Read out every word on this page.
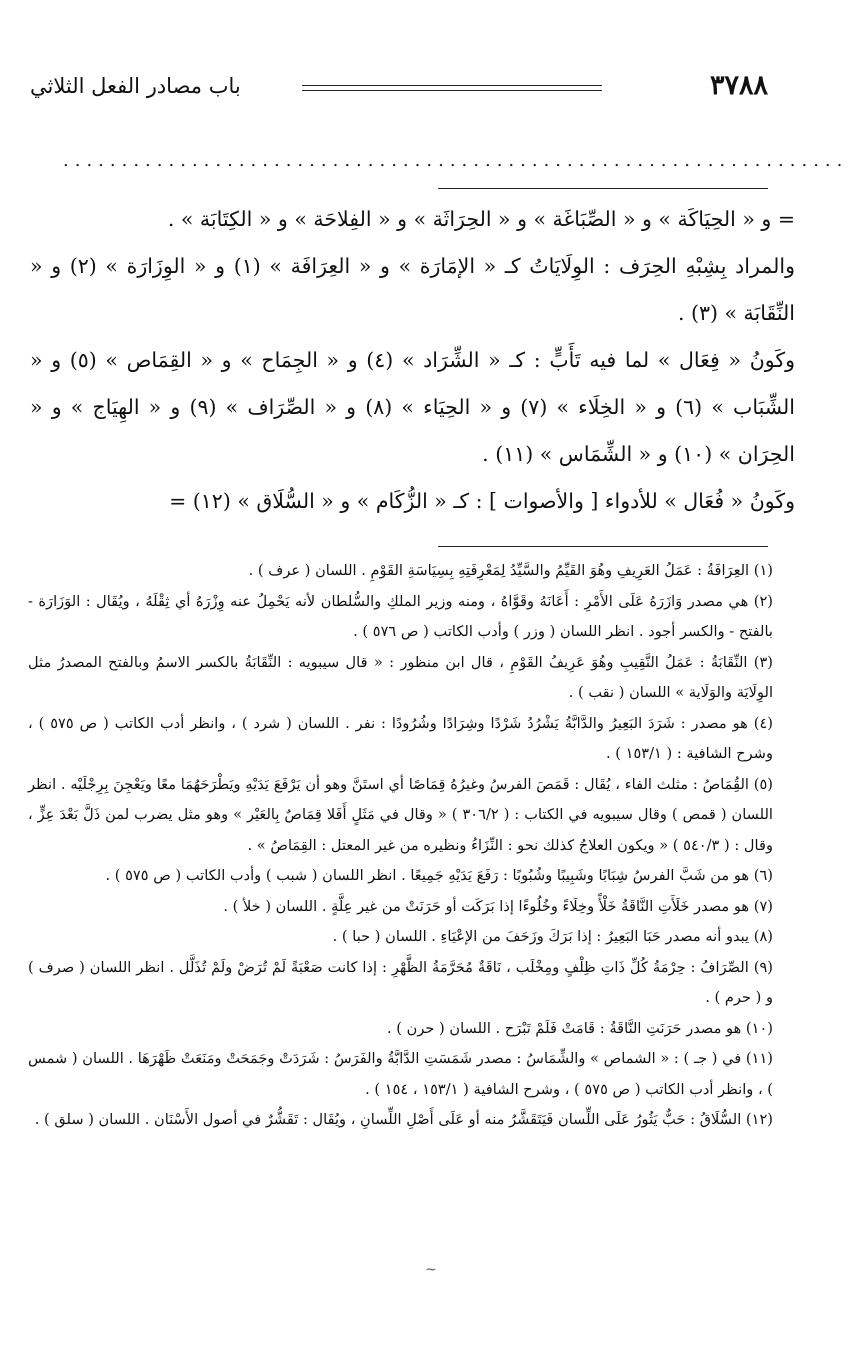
٣٧٨٨
باب مصادر الفعل الثلاثي
...................................................................

= و « الحِيَاكَة » و « الصِّبَاغَة » و « الحِرَاثَة » و « الفِلاحَة » و « الكِتَابَة » .

والمراد بِشِبْهِ الحِرَف : الوِلَايَاتُ كـ « الإمَارَة » و « العِرَافَة » (١) و « الوِزَارَة » (٢) و « النِّقَابَة » (٣) .

وكَونُ « فِعَال » لما فيه تَأَبٍّ : كـ « الشِّرَاد » (٤) و « الجِمَاح » و « القِمَاص » (٥) و « الشِّبَاب » (٦) و « الخِلَاء » (٧) و « الحِيَاء » (٨) و « الصِّرَاف » (٩) و « الهِيَاج » و « الحِرَان » (١٠) و « الشِّمَاس » (١١) .

وكَونُ « فُعَال » للأدواء [ والأصوات ] : كـ « الزُّكَام » و « السُّلَاق » (١٢) =

(١) العِرَافَةُ : عَمَلُ العَرِيفِ وهُوَ القَيِّمُ والسَّيِّدُ لِمَعْرِفَتِهِ بِسِيَاسَةِ القَوْمِ . اللسان ( عرف ) .

(٢) هي مصدر وَازَرَهُ عَلَى الأَمْرِ : أَعَانَهُ وقَوَّاهُ ، ومنه وزير الملكِ والسُّلطان لأنه يَحْمِلُ عنه وِزْرَهُ أي ثِقْلَهُ ، ويُقَال : الوَزَارَة - بالفتح - والكسر أجود . انظر اللسان ( وزر ) وأدب الكاتب ( ص ٥٧٦ ) .

(٣) النِّقَابَةُ : عَمَلُ النَّقِيبِ وهُوَ عَرِيفُ القَوْمِ ، قال ابن منظور : « قال سيبويه : النِّقَابَةُ بالكسر الاسمُ وبالفتح المصدرُ مثل الوِلَايَة والوَلَاية » اللسان ( نقب ) .

(٤) هو مصدر : شَرَدَ البَعِيرُ والدَّابَّةُ يَشْرُدُ شَرْدًا وشِرَادًا وشُرُودًا : نفر . اللسان ( شرد ) ، وانظر أدب الكاتب ( ص ٥٧٥ ) ، وشرح الشافية : ( ١٥٣/١ ) .

(٥) القُِمَاصُ : مثلث الفاء ، يُقَال : قَمَصَ الفرسُ وغيرُهُ قِمَاصًا أي استَنَّ وهو أن يَرْفَعَ يَدَيْهِ ويَطْرَحَهُمَا معًا ويَعْجِنَ بِرِجْلَيْه . انظر اللسان ( قمص ) وقال سيبويه في الكتاب : ( ٣٠٦/٢ ) « وقال في مَثَلٍ أَفَلا قِمَاصٌ بِالعَيْر » وهو مثل يضرب لمن ذَلَّ بَعْدَ عِزٍّ ، وقال : ( ٥٤٠/٣ ) « ويكون العلاجُ كذلك نحو : النِّزَاءُ ونظيره من غير المعتل : القِمَاصُ » .

(٦) هو من شَبَّ الفرسُ شِبَابًا وشَبِيبًا وشُبُوبًا : رَفَعَ يَدَيْهِ جَمِيعًا . انظر اللسان ( شبب ) وأدب الكاتب ( ص ٥٧٥ ) .

(٧) هو مصدر خَلَأَتِ النَّاقَةُ خَلْأً وخِلَاءً وخُلُوءًا إذا بَرَكَت أو حَرَنَتْ من غير عِلَّةٍ . اللسان ( خلأ ) .

(٨) يبدو أنه مصدر حَبَا البَعِيرُ : إذا بَرَكَ وزَحَفَ من الإعْيَاءِ . اللسان ( حبا ) .

(٩) الصِّرَافُ : حِرْمَةُ كُلِّ ذَاتِ ظِلْفٍ ومِخْلَب ، نَاقَةٌ مُحَرَّمَةُ الظَّهْرِ : إذا كانت صَعْبَةً لَمْ تُرَضْ ولَمْ تُذَلَّل . انظر اللسان ( صرف ) و ( حرم ) .

(١٠) هو مصدر حَرَنَتِ النَّاقَةُ : قَامَتْ فَلَمْ تَبْرَح . اللسان ( حرن ) .

(١١) في ( جـ ) : « الشماص » والشِّمَاسُ : مصدر شَمَسَتِ الدَّابَّةُ والفَرَسُ : شَرَدَتْ وجَمَحَتْ ومَنَعَتْ ظَهْرَهَا . اللسان ( شمس ) ، وانظر أدب الكاتب ( ص ٥٧٥ ) ، وشرح الشافية ( ١٥٣/١ ، ١٥٤ ) .

(١٢) السُّلَاقُ : حَبٌّ يَثُورُ عَلَى اللِّسان فَيَتَقَشَّرُ منه أو عَلَى أَصْلِ اللِّسانِ ، ويُقَال : تَقَشُّرٌ في أصول الأَسْنَان . اللسان ( سلق ) .

~
